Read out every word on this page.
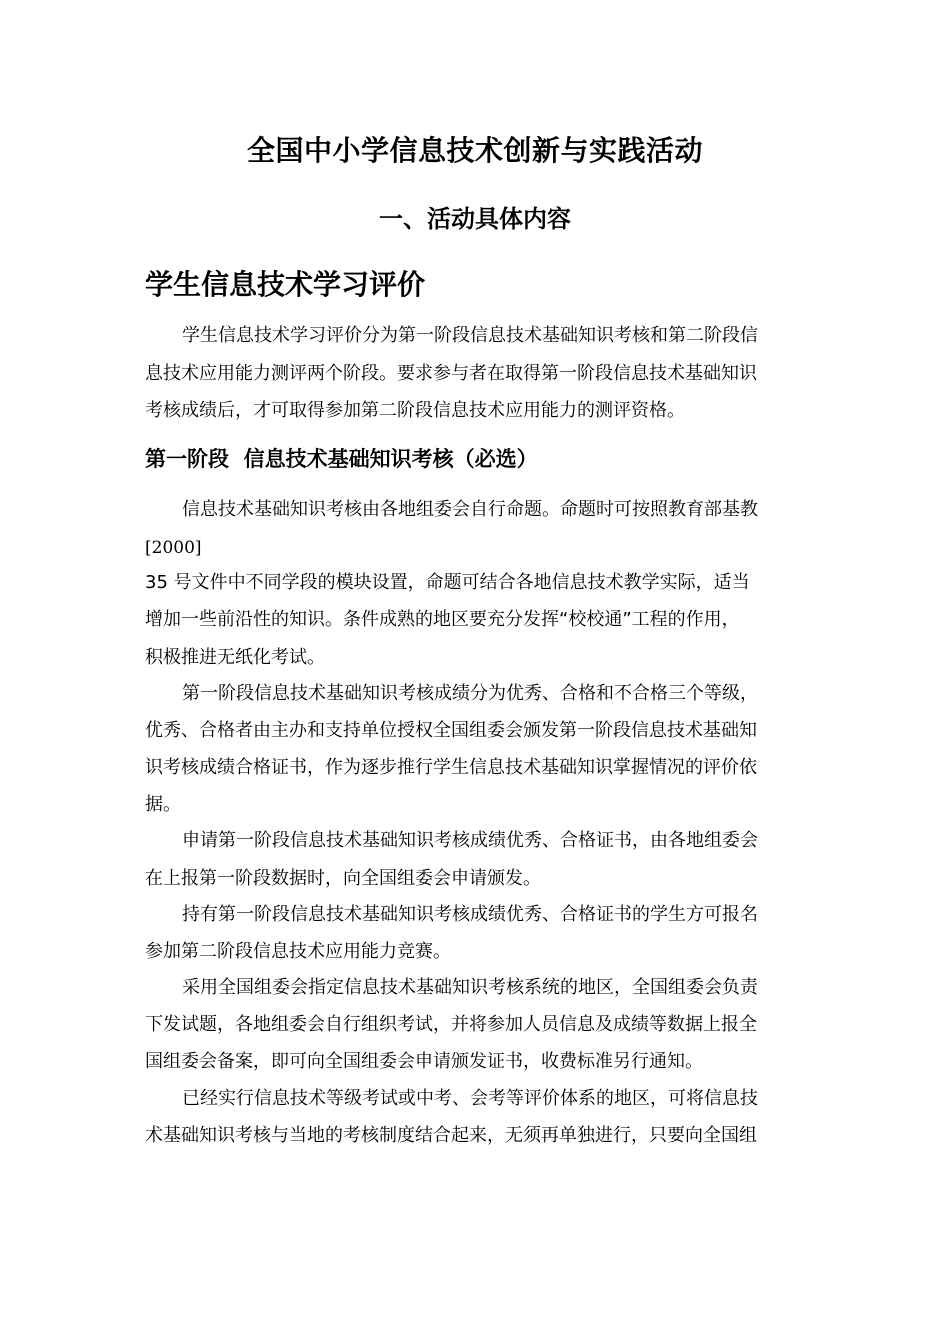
全国中小学信息技术创新与实践活动
一、活动具体内容
学生信息技术学习评价
学生信息技术学习评价分为第一阶段信息技术基础知识考核和第二阶段信
息技术应用能力测评两个阶段。要求参与者在取得第一阶段信息技术基础知识
考核成绩后，才可取得参加第二阶段信息技术应用能力的测评资格。
第一阶段  信息技术基础知识考核（必选）
信息技术基础知识考核由各地组委会自行命题。命题时可按照教育部基教
[2000]
35 号文件中不同学段的模块设置，命题可结合各地信息技术教学实际，适当
增加一些前沿性的知识。条件成熟的地区要充分发挥“校校通”工程的作用，
积极推进无纸化考试。
第一阶段信息技术基础知识考核成绩分为优秀、合格和不合格三个等级，
优秀、合格者由主办和支持单位授权全国组委会颁发第一阶段信息技术基础知
识考核成绩合格证书，作为逐步推行学生信息技术基础知识掌握情况的评价依
据。
申请第一阶段信息技术基础知识考核成绩优秀、合格证书，由各地组委会
在上报第一阶段数据时，向全国组委会申请颁发。
持有第一阶段信息技术基础知识考核成绩优秀、合格证书的学生方可报名
参加第二阶段信息技术应用能力竞赛。
采用全国组委会指定信息技术基础知识考核系统的地区，全国组委会负责
下发试题，各地组委会自行组织考试，并将参加人员信息及成绩等数据上报全
国组委会备案，即可向全国组委会申请颁发证书，收费标准另行通知。
已经实行信息技术等级考试或中考、会考等评价体系的地区，可将信息技
术基础知识考核与当地的考核制度结合起来，无须再单独进行，只要向全国组
